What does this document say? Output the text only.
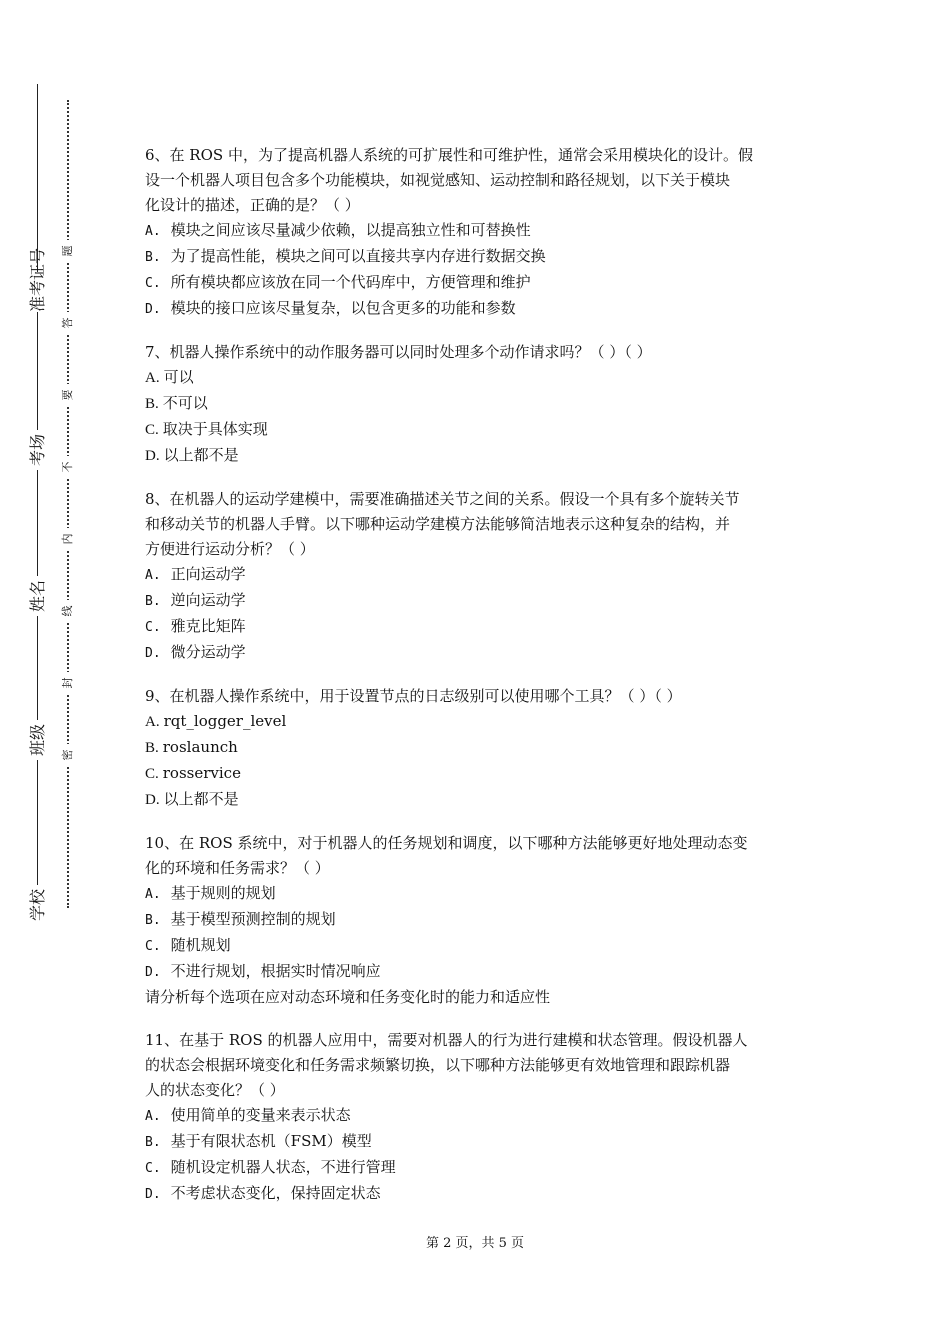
准考证号
考场
姓名
班级
学校
题
答
要
不
内
线
封
密
6、在 ROS 中，为了提高机器人系统的可扩展性和可维护性，通常会采用模块化的设计。假
设一个机器人项目包含多个功能模块，如视觉感知、运动控制和路径规划，以下关于模块
化设计的描述，正确的是？（ ）
A. 模块之间应该尽量减少依赖，以提高独立性和可替换性
B. 为了提高性能，模块之间可以直接共享内存进行数据交换
C. 所有模块都应该放在同一个代码库中，方便管理和维护
D. 模块的接口应该尽量复杂，以包含更多的功能和参数
7、机器人操作系统中的动作服务器可以同时处理多个动作请求吗？（ ）（ ）
A. 可以
B. 不可以
C. 取决于具体实现
D. 以上都不是
8、在机器人的运动学建模中，需要准确描述关节之间的关系。假设一个具有多个旋转关节
和移动关节的机器人手臂。以下哪种运动学建模方法能够简洁地表示这种复杂的结构，并
方便进行运动分析？（ ）
A. 正向运动学
B. 逆向运动学
C. 雅克比矩阵
D. 微分运动学
9、在机器人操作系统中，用于设置节点的日志级别可以使用哪个工具？（ ）（ ）
A. rqt_logger_level
B. roslaunch
C. rosservice
D. 以上都不是
10、在 ROS 系统中，对于机器人的任务规划和调度，以下哪种方法能够更好地处理动态变
化的环境和任务需求？（ ）
A. 基于规则的规划
B. 基于模型预测控制的规划
C. 随机规划
D. 不进行规划，根据实时情况响应
请分析每个选项在应对动态环境和任务变化时的能力和适应性
11、在基于 ROS 的机器人应用中，需要对机器人的行为进行建模和状态管理。假设机器人
的状态会根据环境变化和任务需求频繁切换，以下哪种方法能够更有效地管理和跟踪机器
人的状态变化？（ ）
A. 使用简单的变量来表示状态
B. 基于有限状态机（FSM）模型
C. 随机设定机器人状态，不进行管理
D. 不考虑状态变化，保持固定状态
第 2 页，共 5 页
